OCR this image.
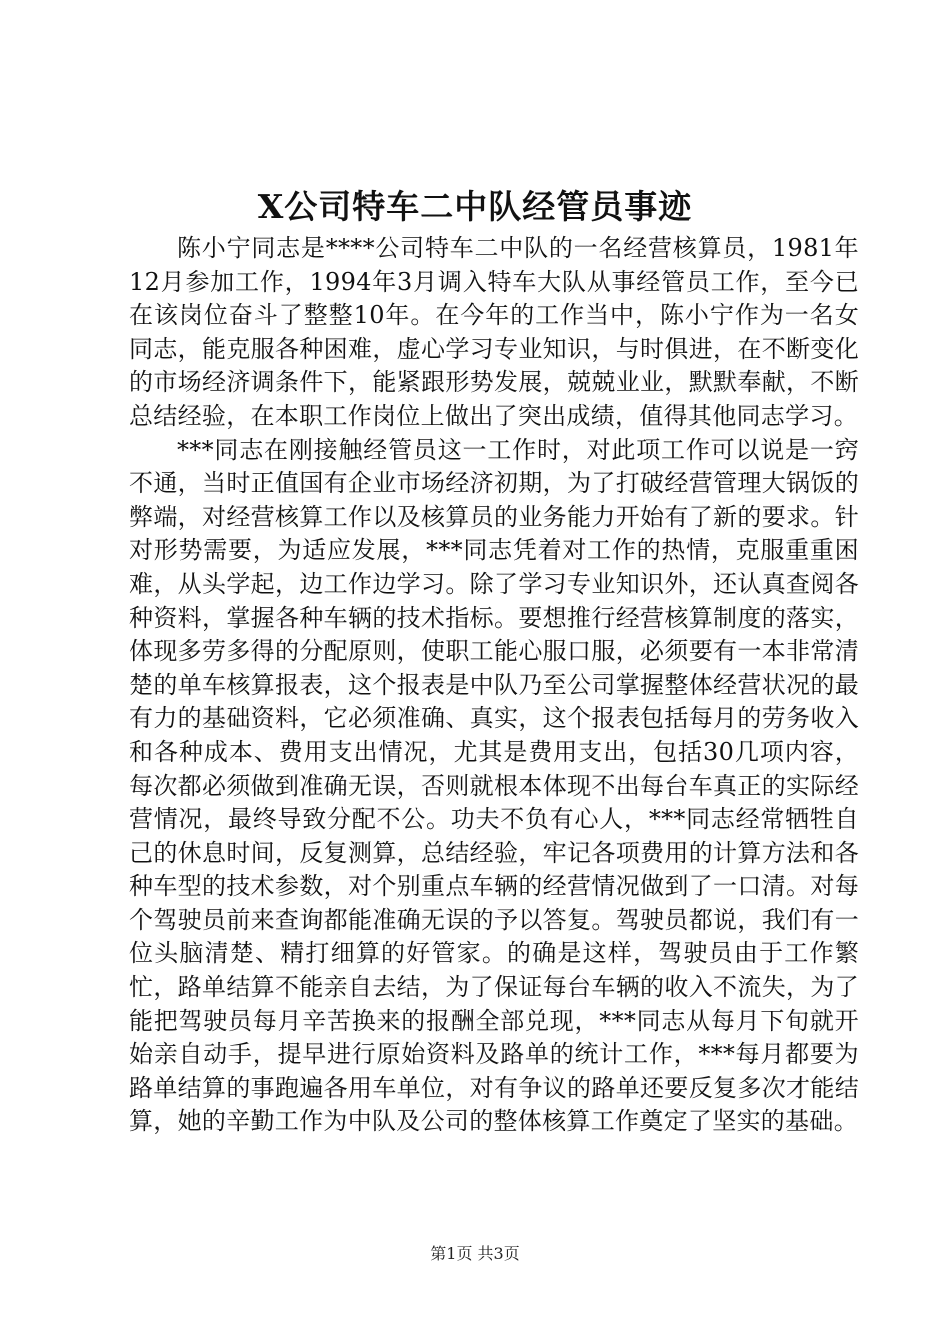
X公司特车二中队经管员事迹

陈小宁同志是****公司特车二中队的一名经营核算员，1981年12月参加工作，1994年3月调入特车大队从事经管员工作，至今已在该岗位奋斗了整整10年。在今年的工作当中，陈小宁作为一名女同志，能克服各种困难，虚心学习专业知识，与时俱进，在不断变化的市场经济调条件下，能紧跟形势发展，兢兢业业，默默奉献，不断总结经验，在本职工作岗位上做出了突出成绩，值得其他同志学习。

***同志在刚接触经管员这一工作时，对此项工作可以说是一窍不通，当时正值国有企业市场经济初期，为了打破经营管理大锅饭的弊端，对经营核算工作以及核算员的业务能力开始有了新的要求。针对形势需要，为适应发展，***同志凭着对工作的热情，克服重重困难，从头学起，边工作边学习。除了学习专业知识外，还认真查阅各种资料，掌握各种车辆的技术指标。要想推行经营核算制度的落实，体现多劳多得的分配原则，使职工能心服口服，必须要有一本非常清楚的单车核算报表，这个报表是中队乃至公司掌握整体经营状况的最有力的基础资料，它必须准确、真实，这个报表包括每月的劳务收入和各种成本、费用支出情况，尤其是费用支出，包括30几项内容，每次都必须做到准确无误，否则就根本体现不出每台车真正的实际经营情况，最终导致分配不公。功夫不负有心人，***同志经常牺牲自己的休息时间，反复测算，总结经验，牢记各项费用的计算方法和各种车型的技术参数，对个别重点车辆的经营情况做到了一口清。对每个驾驶员前来查询都能准确无误的予以答复。驾驶员都说，我们有一位头脑清楚、精打细算的好管家。的确是这样，驾驶员由于工作繁忙，路单结算不能亲自去结，为了保证每台车辆的收入不流失，为了能把驾驶员每月辛苦换来的报酬全部兑现，***同志从每月下旬就开始亲自动手，提早进行原始资料及路单的统计工作，***每月都要为路单结算的事跑遍各用车单位，对有争议的路单还要反复多次才能结算，她的辛勤工作为中队及公司的整体核算工作奠定了坚实的基础。

第1页 共3页
